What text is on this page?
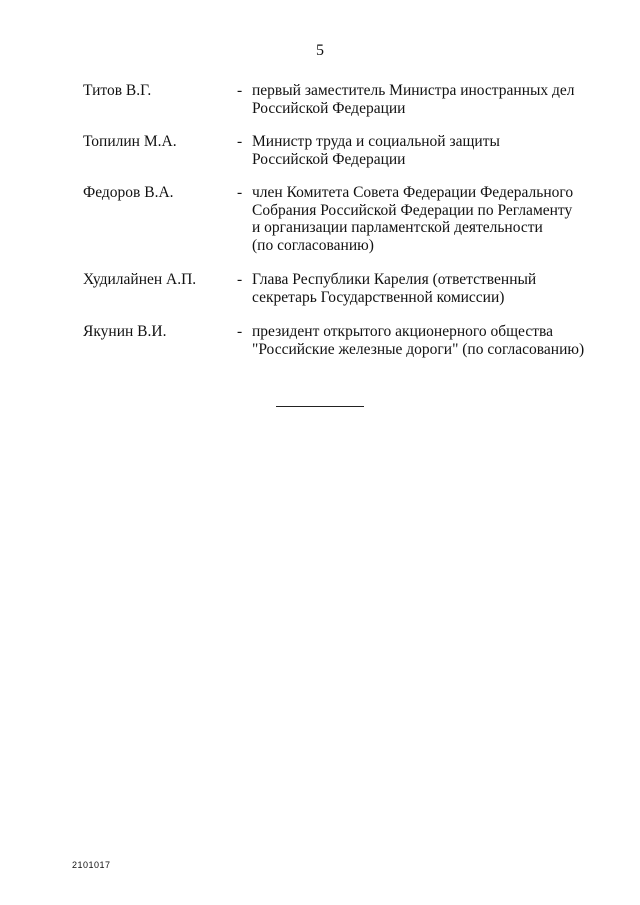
5
Титов В.Г.	- первый заместитель Министра иностранных дел
Российской Федерации
Топилин М.А.	- Министр труда и социальной защиты
Российской Федерации
Федоров В.А.	- член Комитета Совета Федерации Федерального
Собрания Российской Федерации по Регламенту
и организации парламентской деятельности
(по согласованию)
Худилайнен А.П.	- Глава Республики Карелия (ответственный
секретарь Государственной комиссии)
Якунин В.И.	- президент открытого акционерного общества
"Российские железные дороги" (по согласованию)
2101017
